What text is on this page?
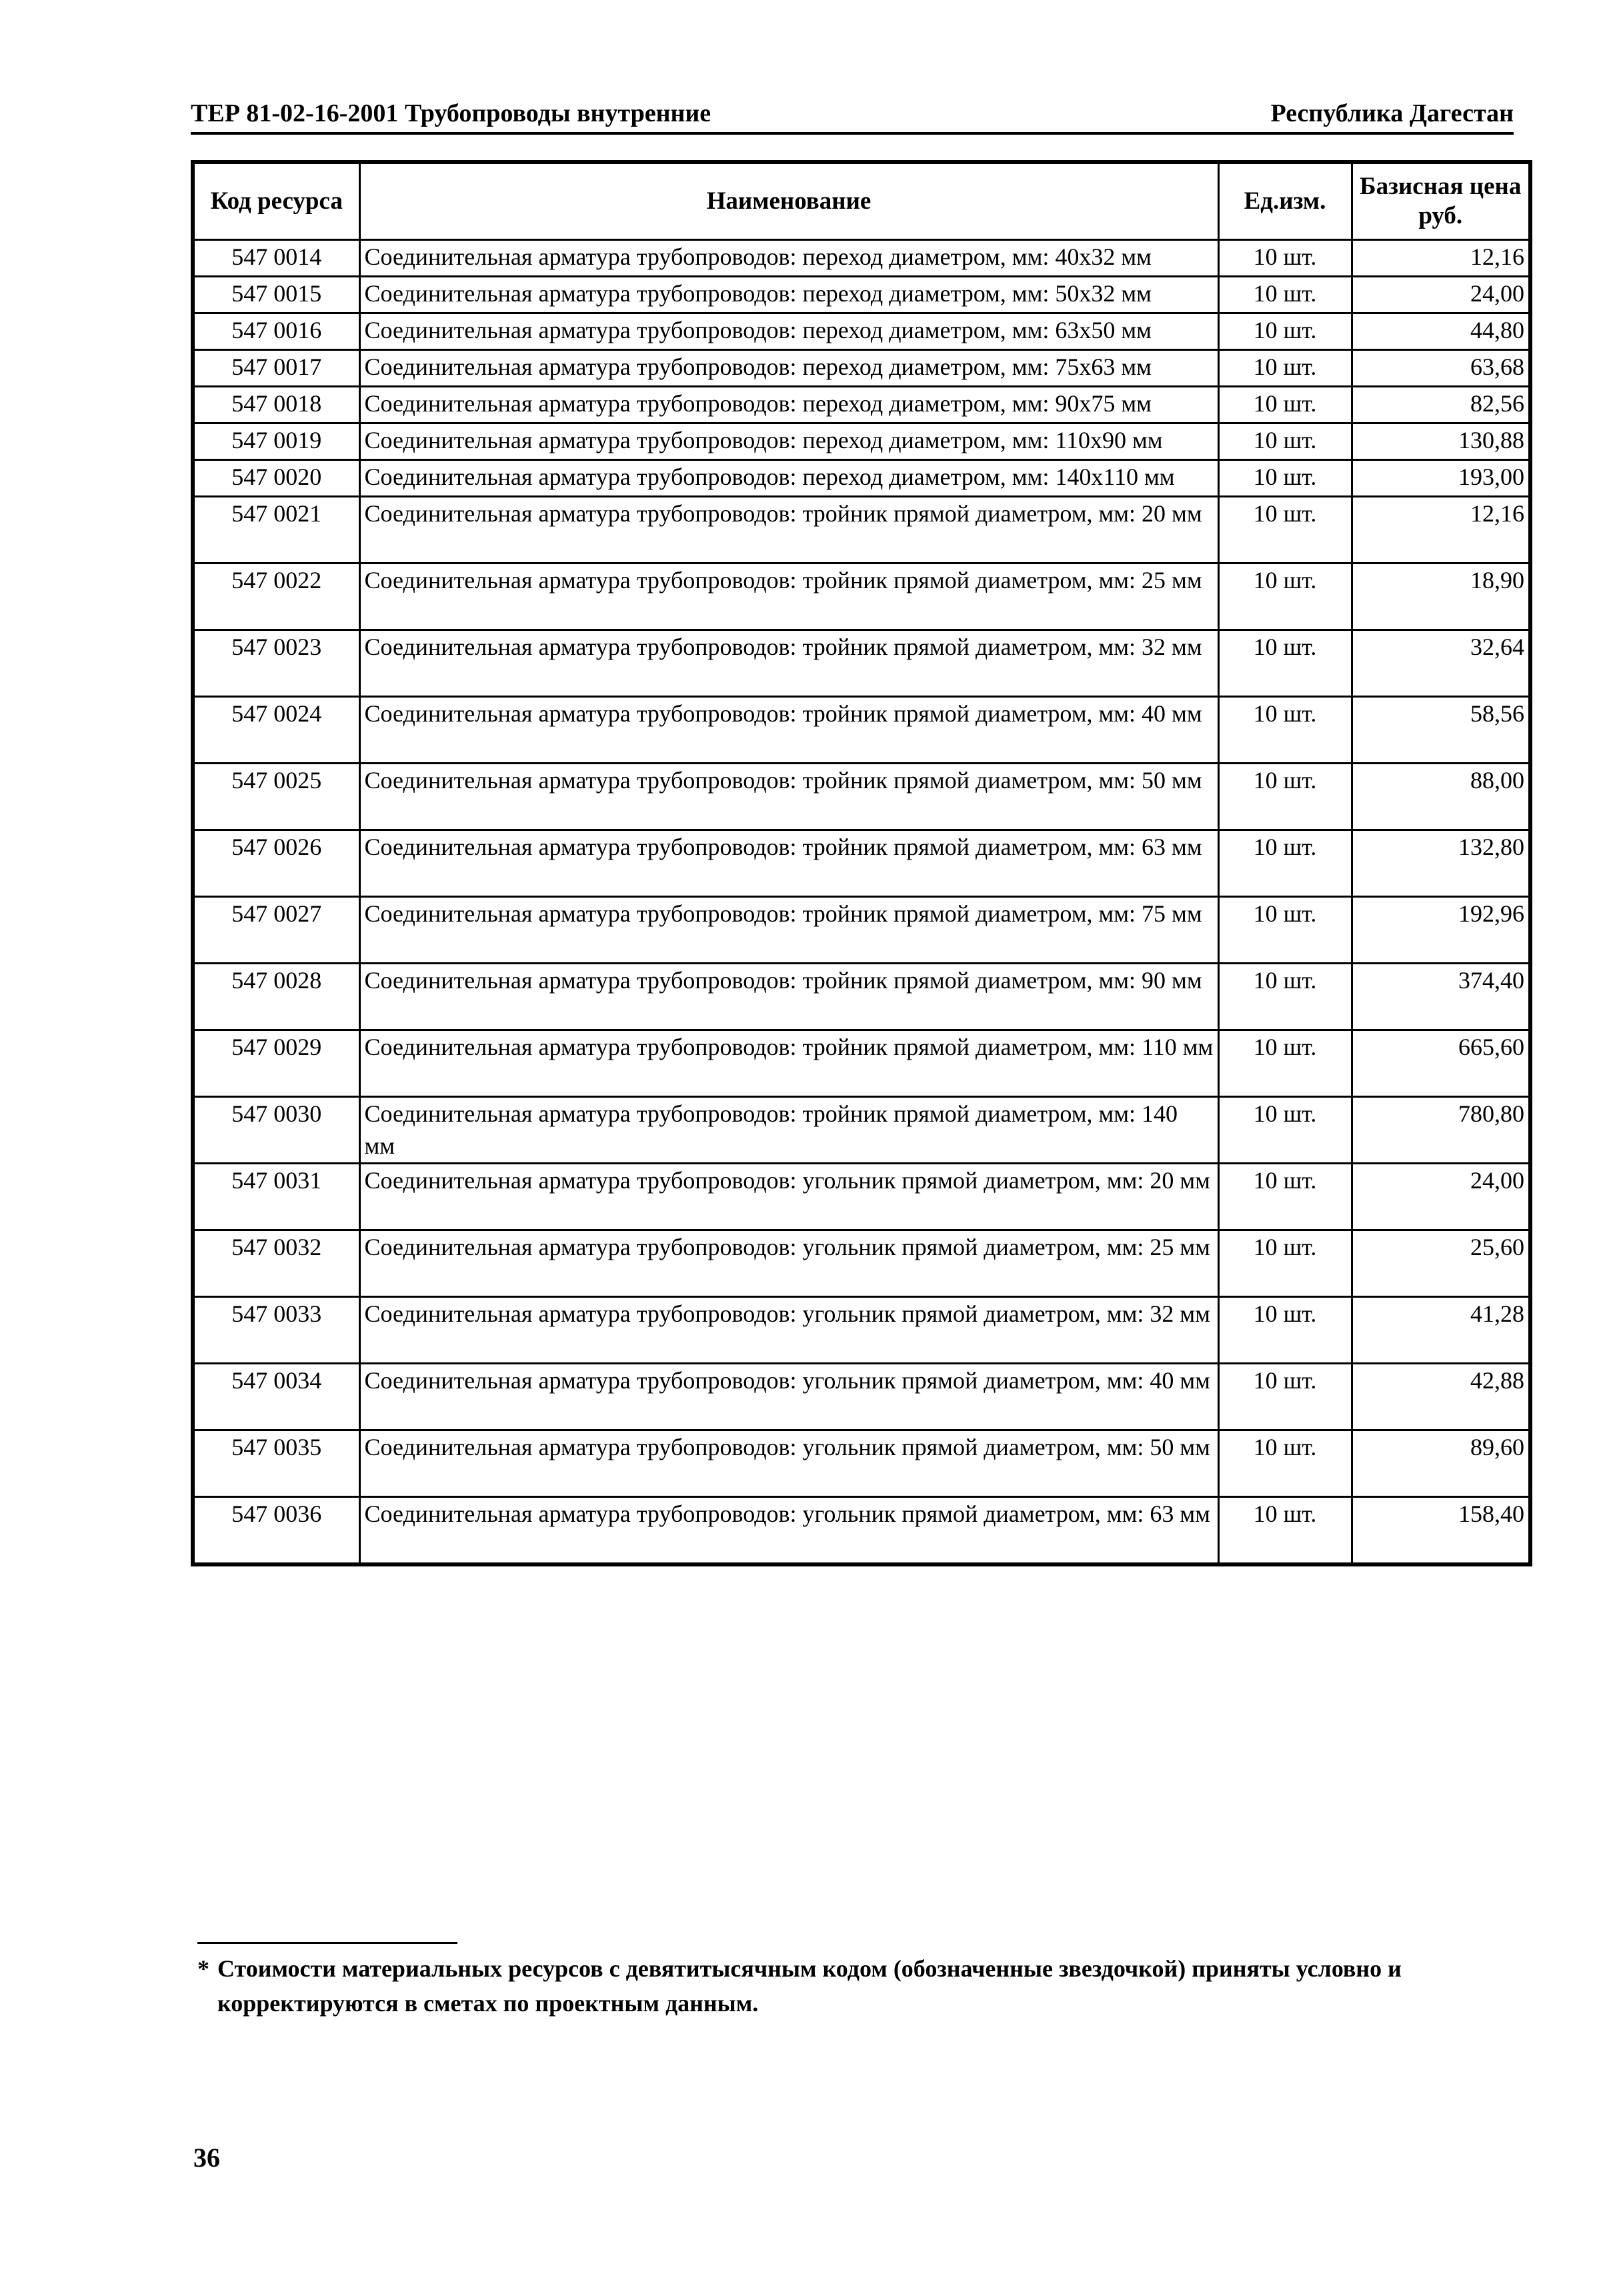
ТЕР 81-02-16-2001 Трубопроводы внутренние	Республика Дагестан
Код ресурса	Наименование	Ед.изм.	Базисная цена руб.
547 0014	Соединительная арматура трубопроводов: переход диаметром, мм: 40х32 мм	10 шт.	12,16
547 0015	Соединительная арматура трубопроводов: переход диаметром, мм: 50х32 мм	10 шт.	24,00
547 0016	Соединительная арматура трубопроводов: переход диаметром, мм: 63х50 мм	10 шт.	44,80
547 0017	Соединительная арматура трубопроводов: переход диаметром, мм: 75х63 мм	10 шт.	63,68
547 0018	Соединительная арматура трубопроводов: переход диаметром, мм: 90х75 мм	10 шт.	82,56
547 0019	Соединительная арматура трубопроводов: переход диаметром, мм: 110х90 мм	10 шт.	130,88
547 0020	Соединительная арматура трубопроводов: переход диаметром, мм: 140х110 мм	10 шт.	193,00
547 0021	Соединительная арматура трубопроводов: тройник прямой диаметром, мм: 20 мм	10 шт.	12,16
547 0022	Соединительная арматура трубопроводов: тройник прямой диаметром, мм: 25 мм	10 шт.	18,90
547 0023	Соединительная арматура трубопроводов: тройник прямой диаметром, мм: 32 мм	10 шт.	32,64
547 0024	Соединительная арматура трубопроводов: тройник прямой диаметром, мм: 40 мм	10 шт.	58,56
547 0025	Соединительная арматура трубопроводов: тройник прямой диаметром, мм: 50 мм	10 шт.	88,00
547 0026	Соединительная арматура трубопроводов: тройник прямой диаметром, мм: 63 мм	10 шт.	132,80
547 0027	Соединительная арматура трубопроводов: тройник прямой диаметром, мм: 75 мм	10 шт.	192,96
547 0028	Соединительная арматура трубопроводов: тройник прямой диаметром, мм: 90 мм	10 шт.	374,40
547 0029	Соединительная арматура трубопроводов: тройник прямой диаметром, мм: 110 мм	10 шт.	665,60
547 0030	Соединительная арматура трубопроводов: тройник прямой диаметром, мм: 140 мм	10 шт.	780,80
547 0031	Соединительная арматура трубопроводов: угольник прямой диаметром, мм: 20 мм	10 шт.	24,00
547 0032	Соединительная арматура трубопроводов: угольник прямой диаметром, мм: 25 мм	10 шт.	25,60
547 0033	Соединительная арматура трубопроводов: угольник прямой диаметром, мм: 32 мм	10 шт.	41,28
547 0034	Соединительная арматура трубопроводов: угольник прямой диаметром, мм: 40 мм	10 шт.	42,88
547 0035	Соединительная арматура трубопроводов: угольник прямой диаметром, мм: 50 мм	10 шт.	89,60
547 0036	Соединительная арматура трубопроводов: угольник прямой диаметром, мм: 63 мм	10 шт.	158,40
* Стоимости материальных ресурсов с девятитысячным кодом (обозначенные звездочкой) приняты условно и
корректируются в сметах по проектным данным.
36
